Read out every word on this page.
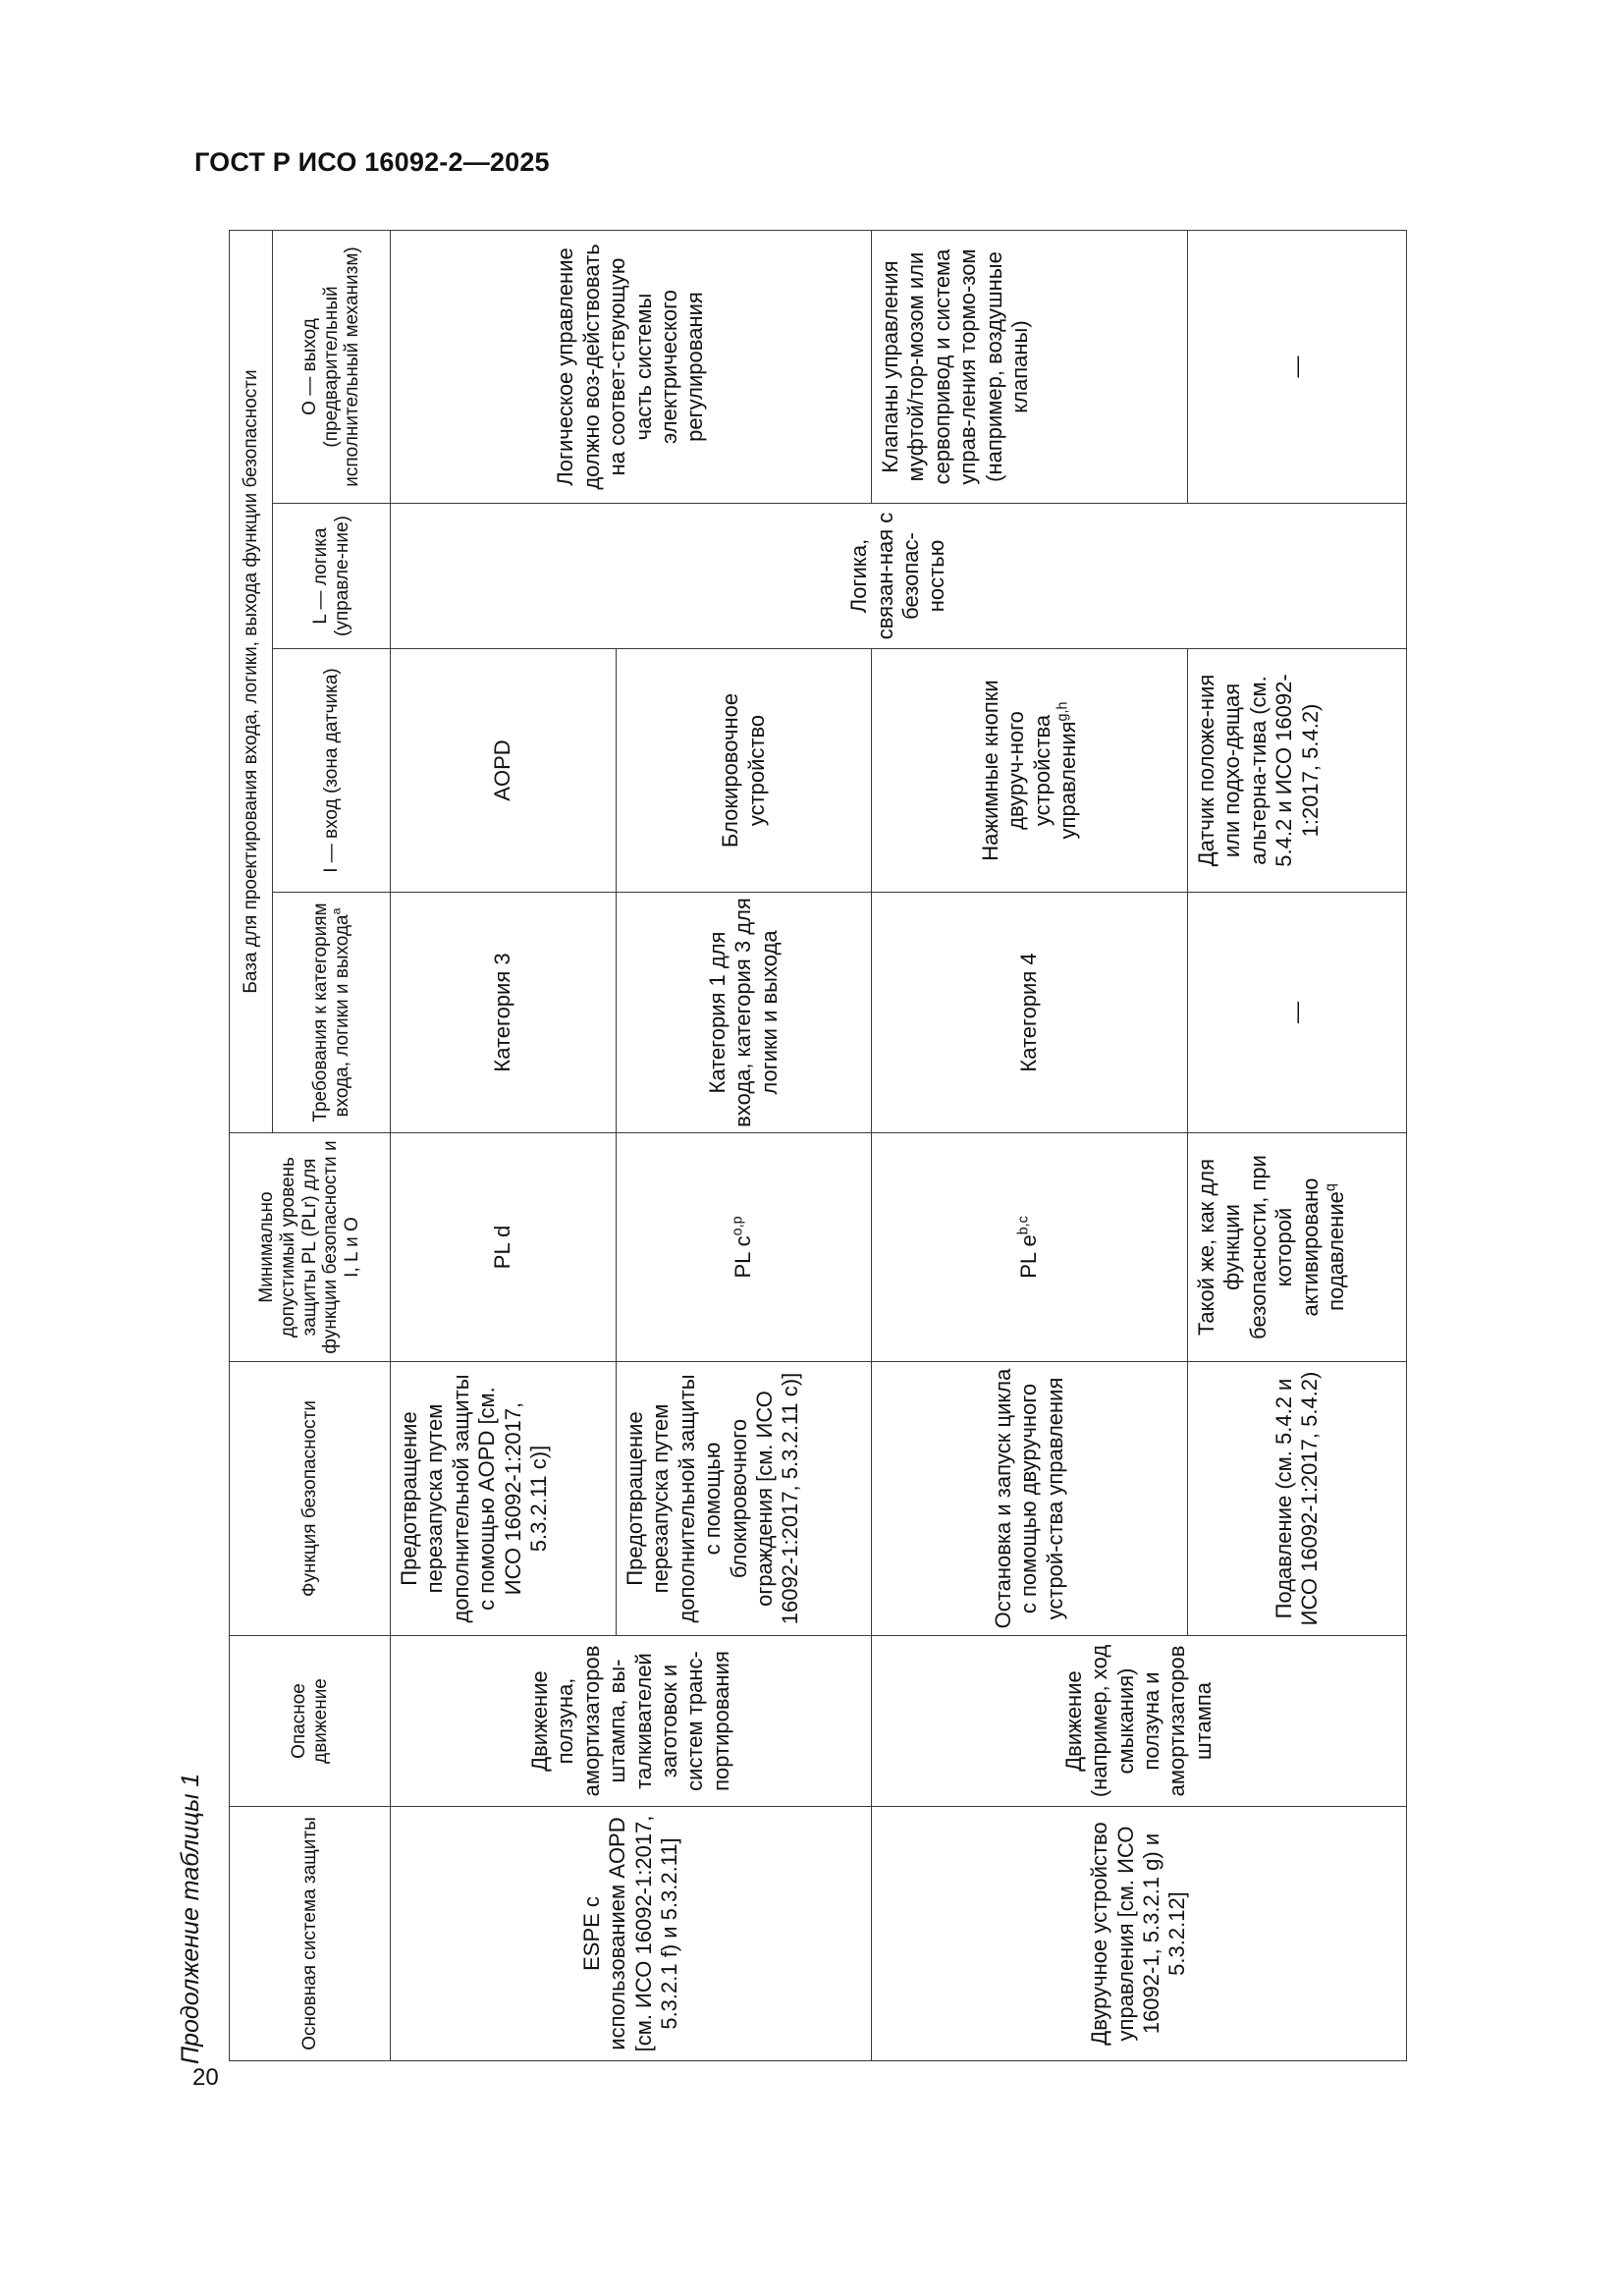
ГОСТ Р ИСО 16092-2—2025
20
Продолжение таблицы 1	Основная система защиты	Опасное движение	Функция безопасности	Минимально допустимый уровень защиты PL (PLr) для функции безопасности и I, L и O	База для проектирования входа, логики, выхода функции безопасности			
				Требования к категориям входа, логики и выхода$^a$	I — вход (зона датчика)	L — логика (управле-ние)	O — выход (предварительный исполнительный механизм)
ESPE с использованием AOPD [см. ИСО 16092-1:2017, 5.3.2.1 f) и 5.3.2.11]	Движение ползуна, амортизаторов штампа, вы-талкивателей заготовок и систем транс-портирования	Предотвращение перезапуска путем дополнительной защиты с помощью AOPD [см. ИСО 16092-1:2017, 5.3.2.11 c)]	PL d	Категория 3	AOPD	Логика, связан-ная с безопас-ностью	Логическое управление должно воз-действовать на соответ-ствующую часть системы электрического регулирования
		Предотвращение перезапуска путем дополнительной защиты с помощью блокировочного ограждения [см. ИСО 16092-1:2017, 5.3.2.11 c)]	PL $c^{o,p}$	Категория 1 для входа, категория 3 для логики и выхода	Блокировочное устройство		
Двуручное устройство управления [см. ИСО 16092-1, 5.3.2.1 g) и 5.3.2.12]	Движение (например, ход смыкания) ползуна и амортизаторов штампа	Остановка и запуск цикла с помощью двуручного устрой-ства управления	PL $e^{b,c}$	Категория 4	Нажимные кнопки двуруч-ного устройства управления$^{g,h}$		Клапаны управления муфтой/тор-мозом или сервопривод и система управ-ления тормо-зом (например, воздушные клапаны)
		Подавление (см. 5.4.2 и ИСО 16092-1:2017, 5.4.2)	Такой же, как для функции безопасности, при которой активировано подавление$^q$	—	Датчик положе-ния или подхо-дящая альтерна-тива (см. 5.4.2 и ИСО 16092-1:2017, 5.4.2)		—
